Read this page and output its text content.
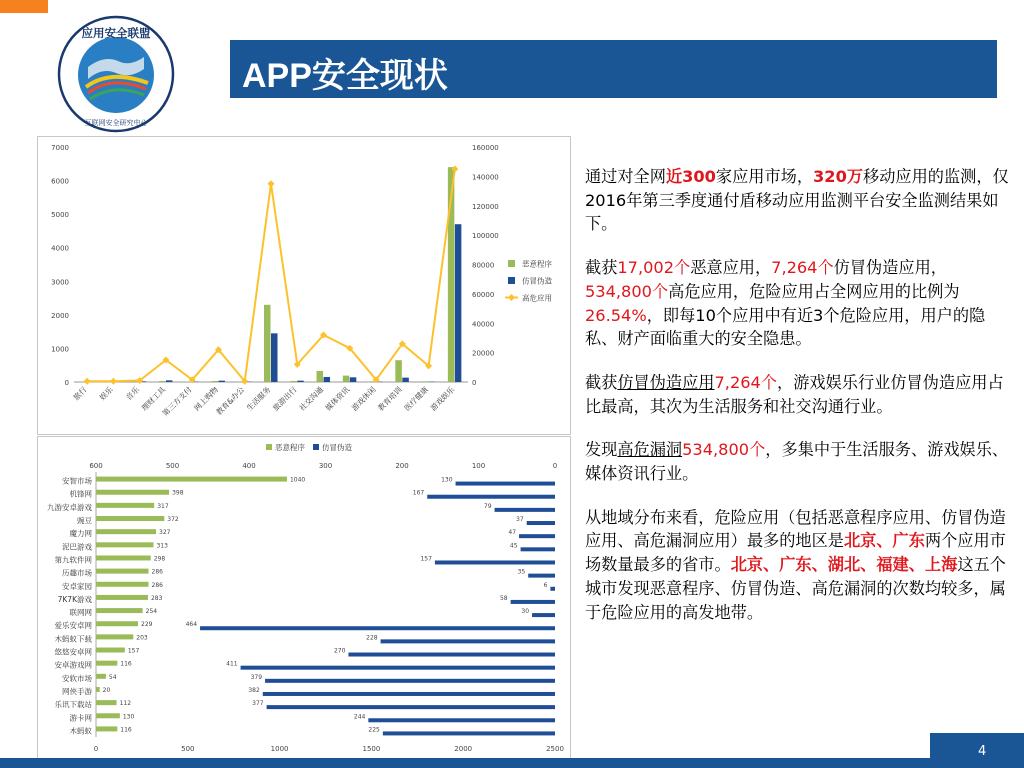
应用安全联盟
互联网安全研究中心
APP安全现状
0
1000
2000
3000
4000
5000
6000
7000
0
20000
40000
60000
80000
100000
120000
140000
160000
旅行 娱乐 音乐
理财工具
第三方支付
网上购物
教育&办公
生活服务
旅游出行
社交沟通
媒体资讯
游戏休闲
教育培训
医疗健康
游戏娱乐
恶意程序
仿冒伪造
高危应用
恶意程序 仿冒伪造
600	500	400	300	200	100	0
0	500	1000	1500	2000	2500
安智市场	1040	130
机锋网	398	167
九游安卓游戏	317	79
豌豆	372	37
魔力网	327	47
泥巴游戏	313	45
第九软件网	298	157
历趣市场	286	35
安卓家园	286	6
7K7K游戏	283	58
联网网	254	30
爱乐安卓网	229	464
木蚂蚁下载	203	228
悠悠安卓网	157	270
安卓游戏网	116	411
安软市场	54	379
网侠手游 20	382
乐讯下载站	112	377
游卡网	130	244
木蚂蚁	116	225

通过对全网近300家应用市场，320万移动应用的监测，仅2016年第三季度通付盾移动应用监测平台安全监测结果如下。

截获17,002个恶意应用，7,264个仿冒伪造应用，534,800个高危应用，危险应用占全网应用的比例为26.54%，即每10个应用中有近3个危险应用，用户的隐私、财产面临重大的安全隐患。

截获仿冒伪造应用7,264个，游戏娱乐行业仿冒伪造应用占比最高，其次为生活服务和社交沟通行业。

发现高危漏洞534,800个，多集中于生活服务、游戏娱乐、媒体资讯行业。

从地域分布来看，危险应用（包括恶意程序应用、仿冒伪造应用、高危漏洞应用）最多的地区是北京、广东两个应用市场数量最多的省市。北京、广东、湖北、福建、上海这五个城市发现恶意程序、仿冒伪造、高危漏洞的次数均较多，属于危险应用的高发地带。

4
